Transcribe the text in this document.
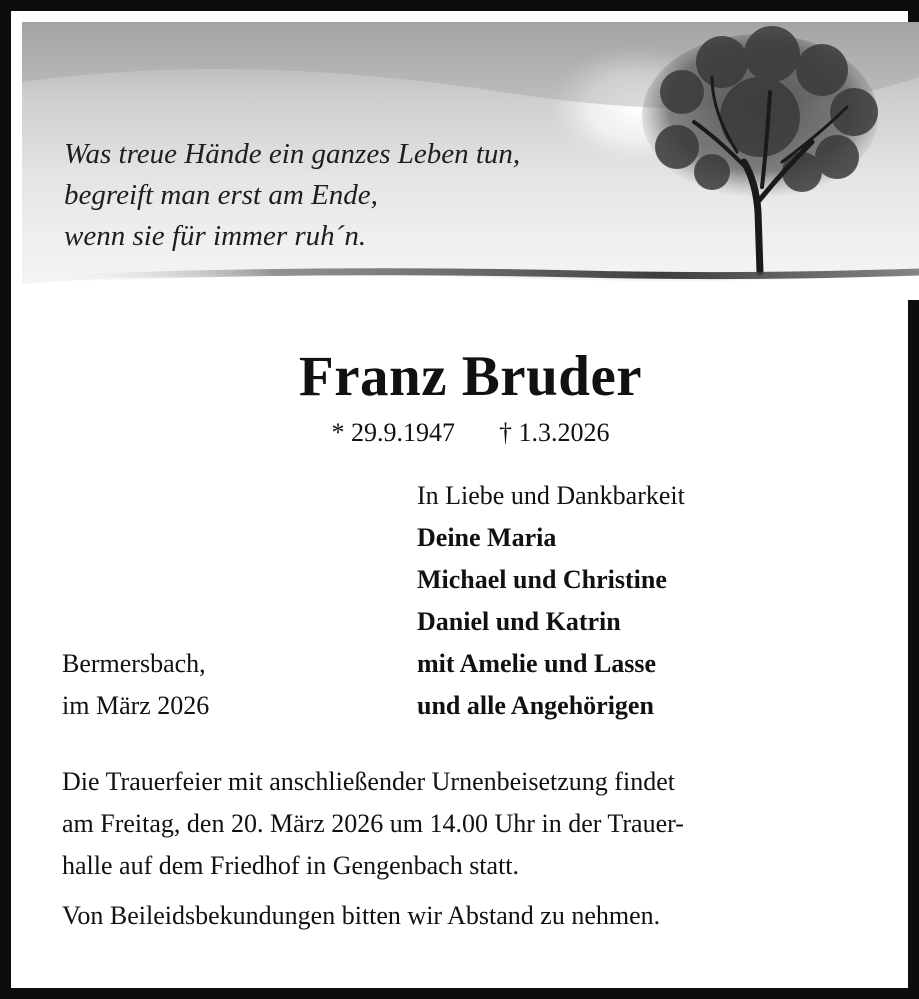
Was treue Hände ein ganzes Leben tun,
begreift man erst am Ende,
wenn sie für immer ruh´n.

Franz Bruder
* 29.9.1947 † 1.3.2026
In Liebe und Dankbarkeit
Deine Maria
Michael und Christine
Daniel und Katrin
mit Amelie und Lasse
und alle Angehörigen
Bermersbach,
im März 2026
Die Trauerfeier mit anschließender Urnenbeisetzung findet
am Freitag, den 20. März 2026 um 14.00 Uhr in der Trauer-
halle auf dem Friedhof in Gengenbach statt.
Von Beileidsbekundungen bitten wir Abstand zu nehmen.
